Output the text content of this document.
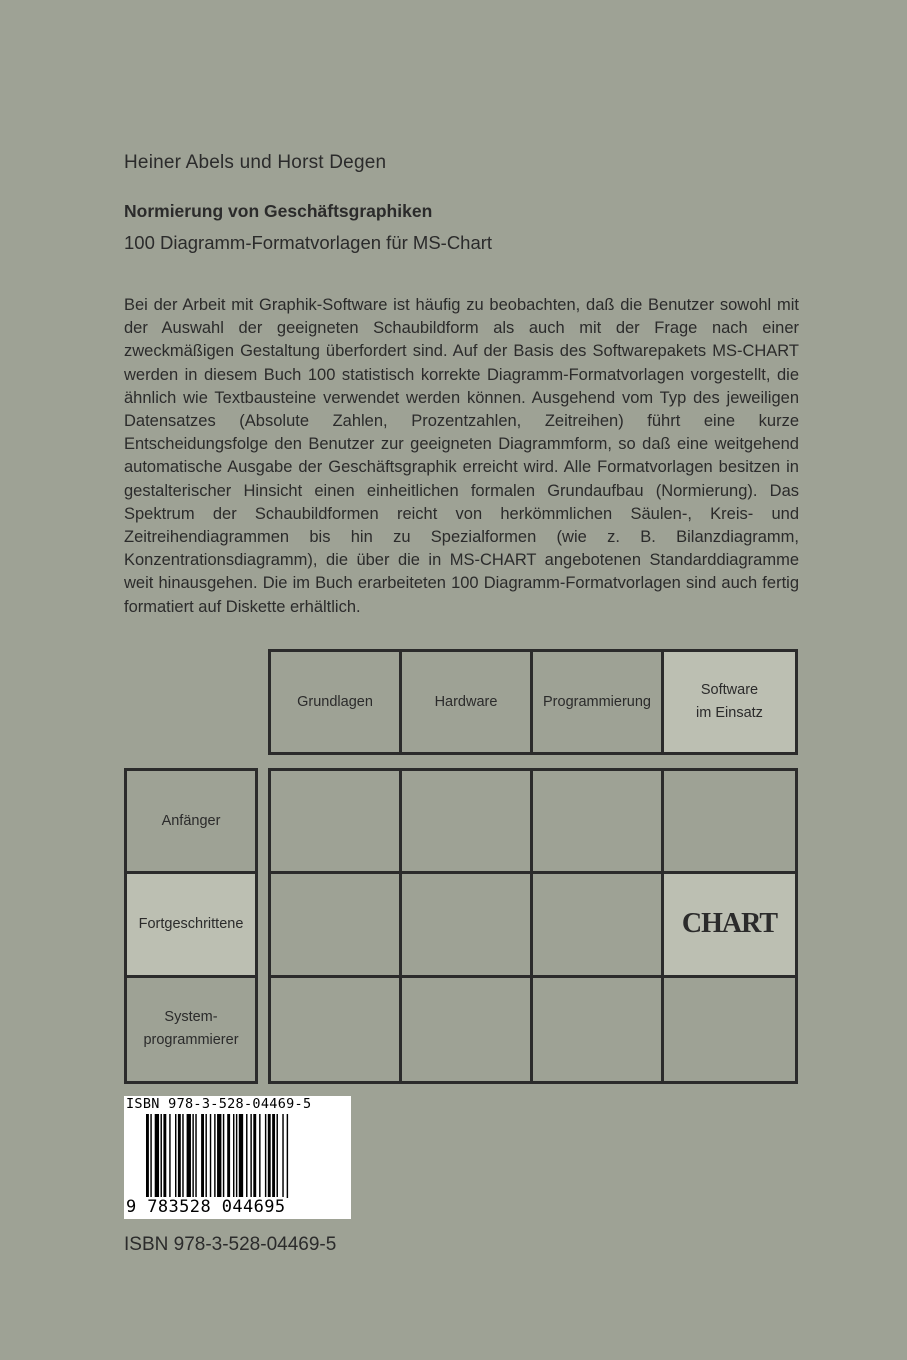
Heiner Abels und Horst Degen
Normierung von Geschäftsgraphiken
100 Diagramm-Formatvorlagen für MS-Chart

Bei der Arbeit mit Graphik-Software ist häufig zu beobachten, daß die Benutzer sowohl mit der Auswahl der geeigneten Schaubildform als auch mit der Frage nach einer zweckmäßigen Gestaltung überfordert sind. Auf der Basis des Softwarepakets MS-CHART werden in diesem Buch 100 statistisch korrekte Diagramm-Formatvorlagen vorgestellt, die ähnlich wie Textbausteine verwendet werden können. Ausgehend vom Typ des jeweiligen Datensatzes (Absolute Zahlen, Prozentzahlen, Zeitreihen) führt eine kurze Entscheidungsfolge den Benutzer zur geeigneten Diagrammform, so daß eine weitgehend automatische Ausgabe der Geschäftsgraphik erreicht wird. Alle Formatvorlagen besitzen in gestalterischer Hinsicht einen einheitlichen formalen Grundaufbau (Normierung). Das Spektrum der Schaubildformen reicht von herkömmlichen Säulen-, Kreis- und Zeitreihendiagrammen bis hin zu Spezialformen (wie z. B. Bilanzdiagramm, Konzentrationsdiagramm), die über die in MS-CHART angebotenen Standarddiagramme weit hinausgehen. Die im Buch erarbeiteten 100 Diagramm-Formatvorlagen sind auch fertig formatiert auf Diskette erhältlich.

Grundlagen	Hardware	Programmierung
Software
im Einsatz
Anfänger
Fortgeschrittene
System-
programmierer
CHART
ISBN 978-3-528-04469-5
9 783528 044695
ISBN 978-3-528-04469-5
